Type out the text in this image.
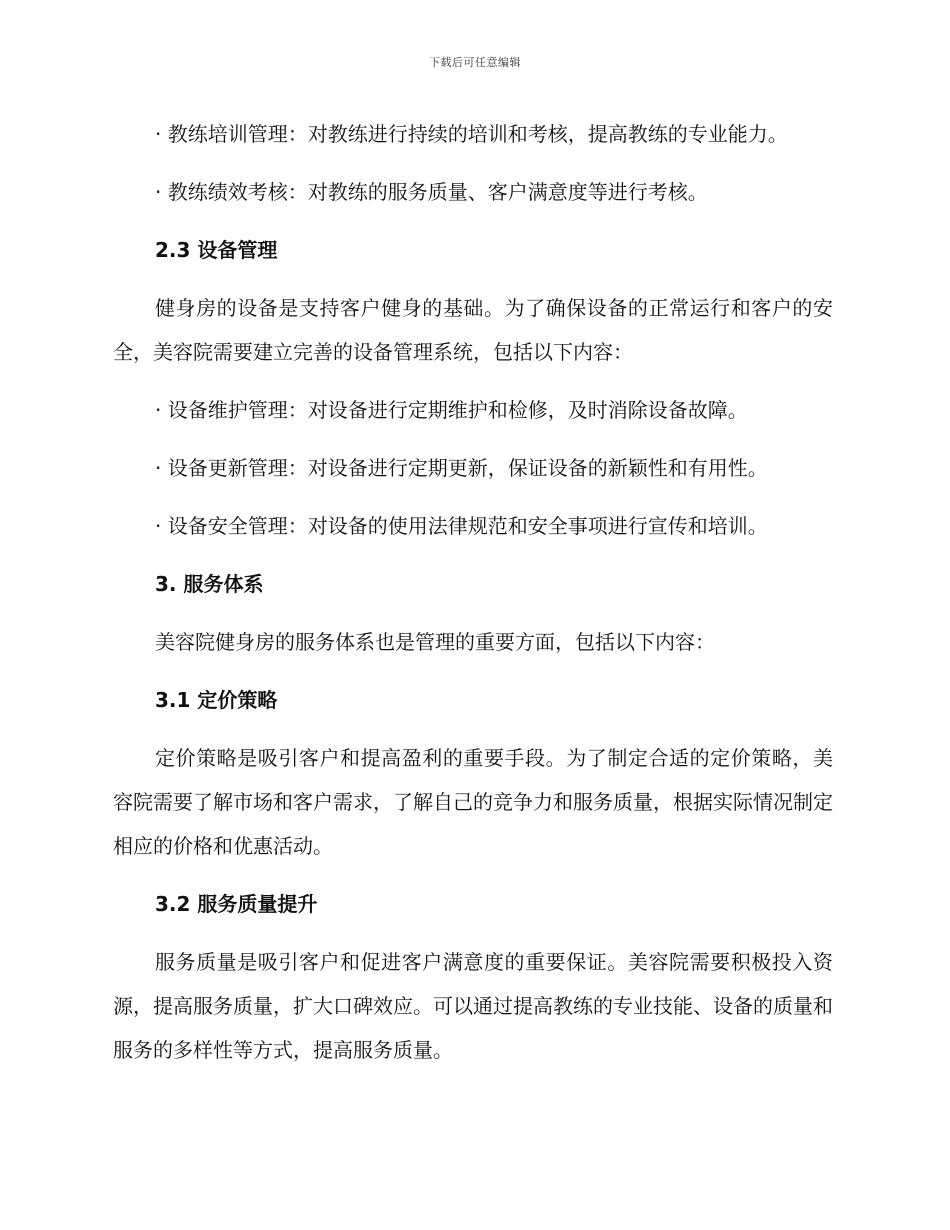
下载后可任意编辑

· 教练培训管理：对教练进行持续的培训和考核，提高教练的专业能力。

· 教练绩效考核：对教练的服务质量、客户满意度等进行考核。

2.3 设备管理

健身房的设备是支持客户健身的基础。为了确保设备的正常运行和客户的安全，美容院需要建立完善的设备管理系统，包括以下内容：

· 设备维护管理：对设备进行定期维护和检修，及时消除设备故障。

· 设备更新管理：对设备进行定期更新，保证设备的新颖性和有用性。

· 设备安全管理：对设备的使用法律规范和安全事项进行宣传和培训。

3. 服务体系

美容院健身房的服务体系也是管理的重要方面，包括以下内容：

3.1 定价策略

定价策略是吸引客户和提高盈利的重要手段。为了制定合适的定价策略，美容院需要了解市场和客户需求，了解自己的竞争力和服务质量，根据实际情况制定相应的价格和优惠活动。

3.2 服务质量提升

服务质量是吸引客户和促进客户满意度的重要保证。美容院需要积极投入资源，提高服务质量，扩大口碑效应。可以通过提高教练的专业技能、设备的质量和服务的多样性等方式，提高服务质量。
